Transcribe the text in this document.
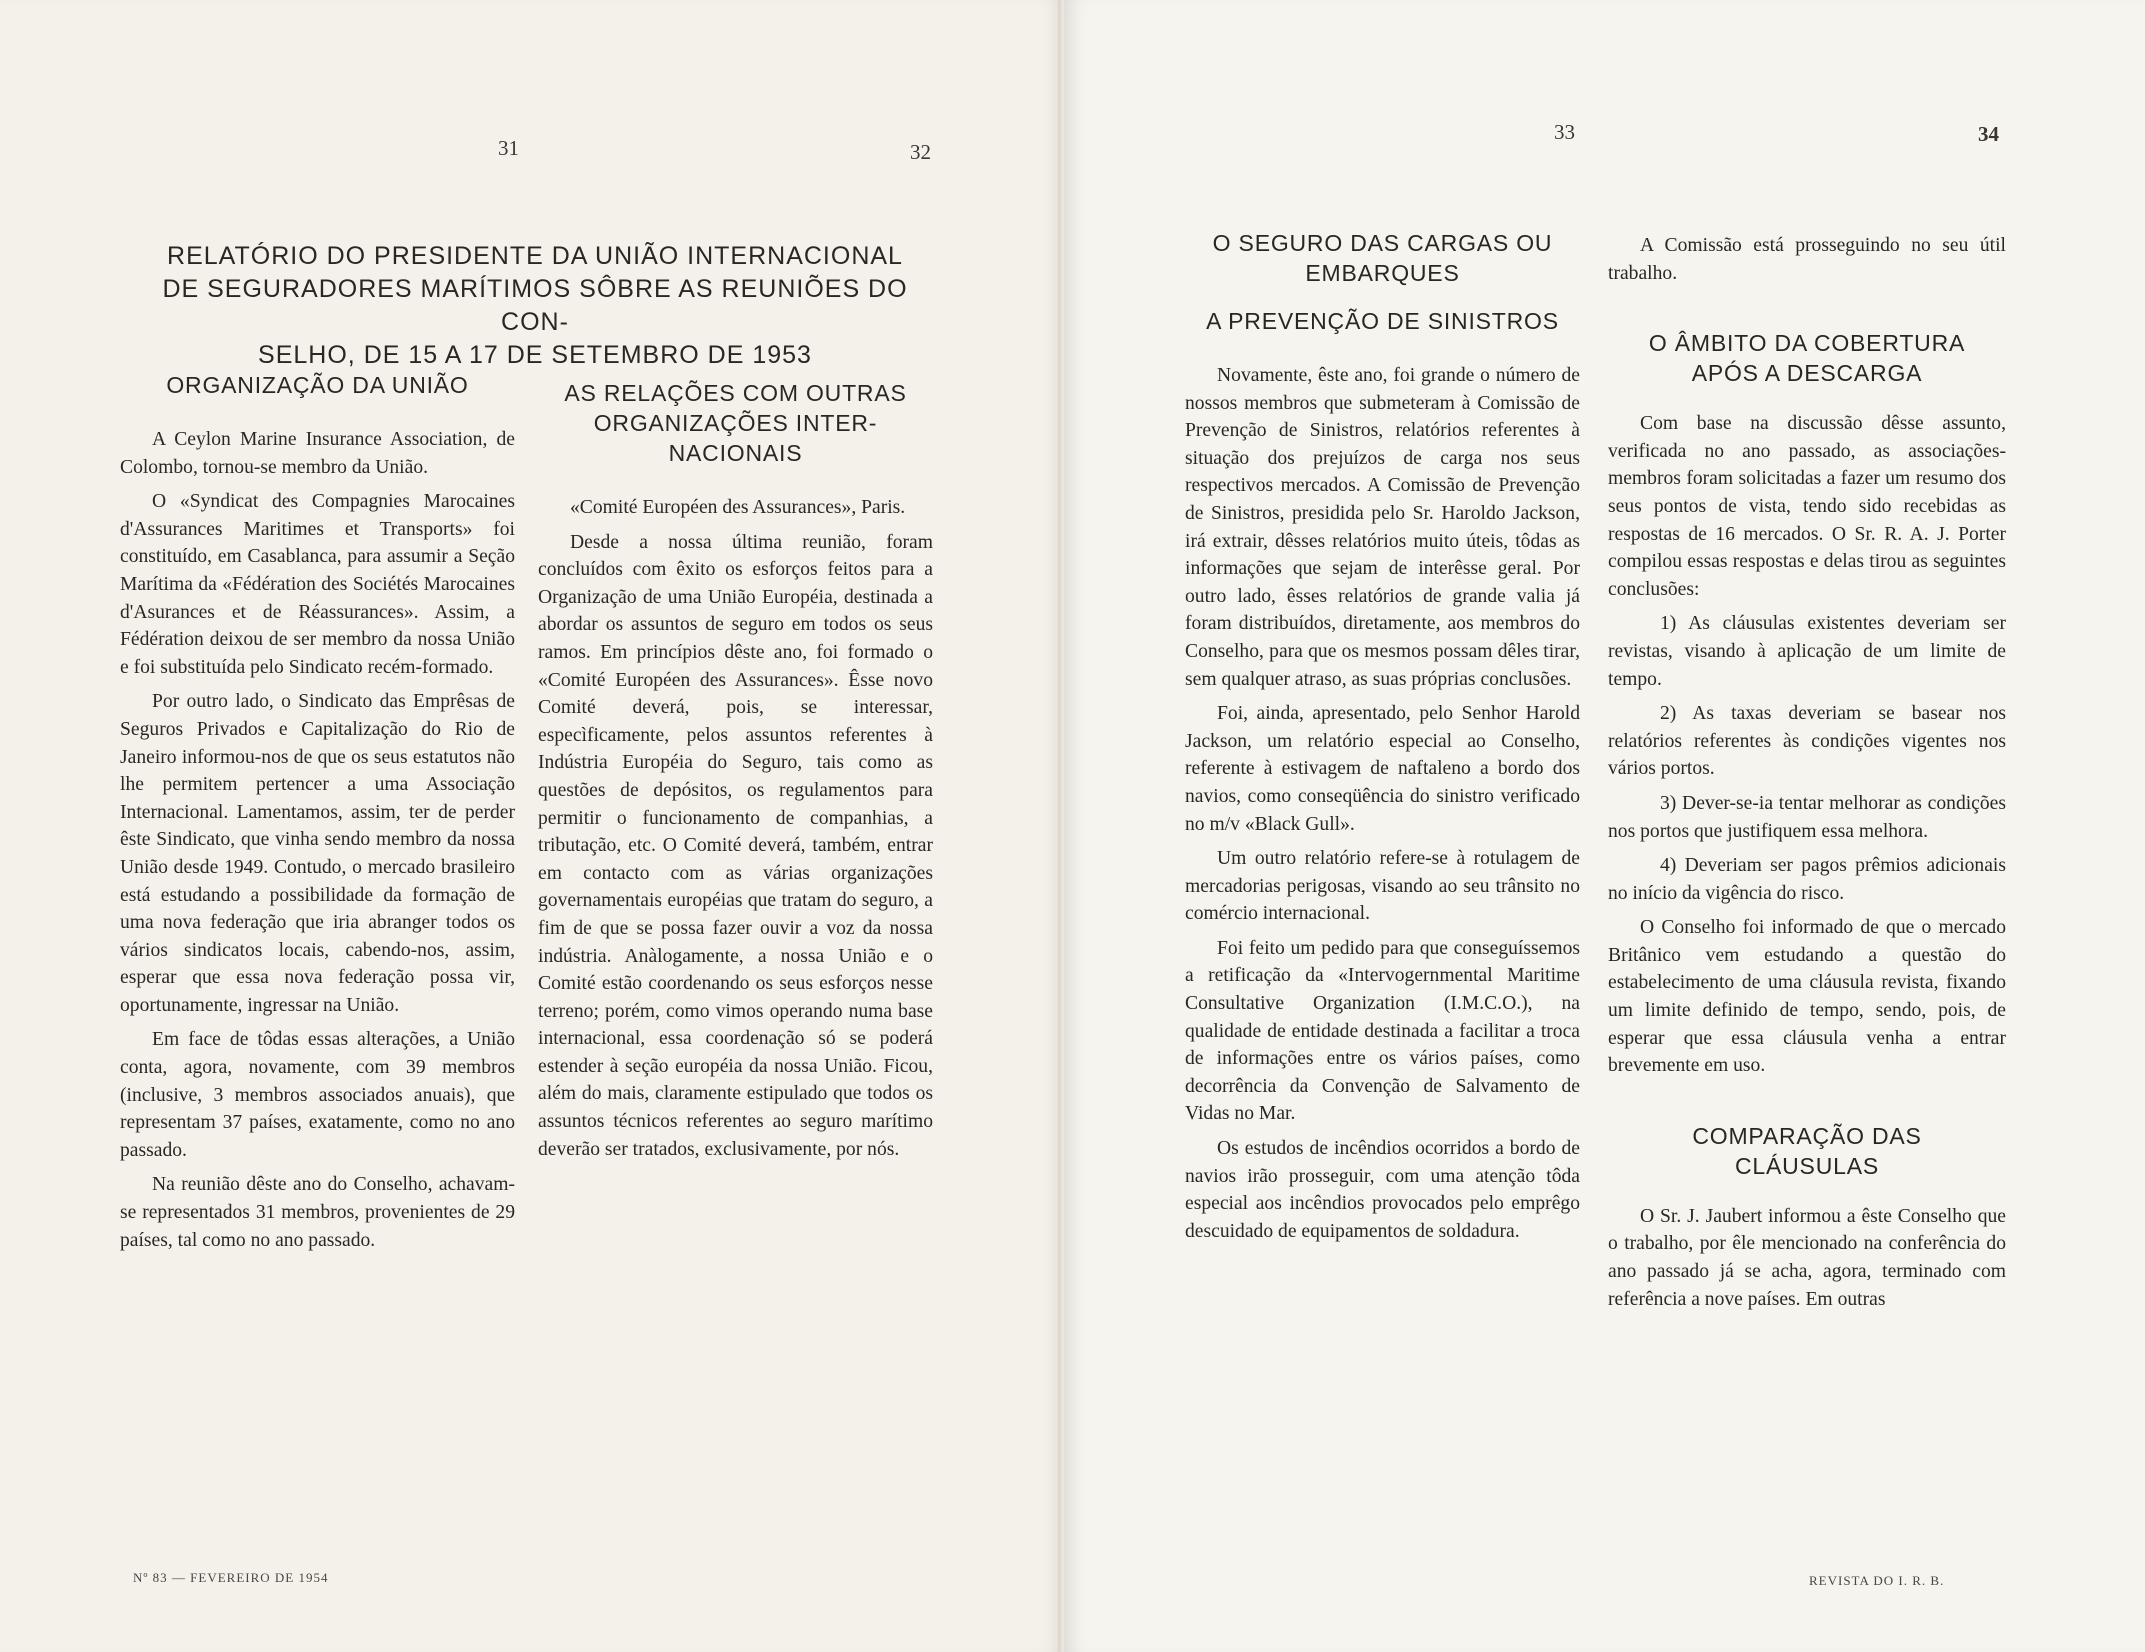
31	32
RELATÓRIO DO PRESIDENTE DA UNIÃO INTERNACIONAL
DE SEGURADORES MARÍTIMOS SÔBRE AS REUNIÕES DO CON-
SELHO, DE 15 A 17 DE SETEMBRO DE 1953
ORGANIZAÇÃO DA UNIÃO

A Ceylon Marine Insurance Association, de Colombo, tornou-se membro da União.

O «Syndicat des Compagnies Marocaines d'Assurances Maritimes et Transports» foi constituído, em Casablanca, para assumir a Seção Marítima da «Fédération des Sociétés Marocaines d'Asurances et de Réassurances». Assim, a Fédération deixou de ser membro da nossa União e foi substituída pelo Sindicato recém-formado.

Por outro lado, o Sindicato das Emprêsas de Seguros Privados e Capitalização do Rio de Janeiro informou-nos de que os seus estatutos não lhe permitem pertencer a uma Associação Internacional. Lamentamos, assim, ter de perder êste Sindicato, que vinha sendo membro da nossa União desde 1949. Contudo, o mercado brasileiro está estudando a possibilidade da formação de uma nova federação que iria abranger todos os vários sindicatos locais, cabendo-nos, assim, esperar que essa nova federação possa vir, oportunamente, ingressar na União.

Em face de tôdas essas alterações, a União conta, agora, novamente, com 39 membros (inclusive, 3 membros associados anuais), que representam 37 países, exatamente, como no ano passado.

Na reunião dêste ano do Conselho, achavam-se representados 31 membros, provenientes de 29 países, tal como no ano passado.

AS RELAÇÕES COM OUTRAS
ORGANIZAÇÕES INTER-
NACIONAIS

«Comité Européen des Assurances», Paris.

Desde a nossa última reunião, foram concluídos com êxito os esforços feitos para a Organização de uma União Européia, destinada a abordar os assuntos de seguro em todos os seus ramos. Em princípios dêste ano, foi formado o «Comité Européen des Assurances». Êsse novo Comité deverá, pois, se interessar, especìficamente, pelos assuntos referentes à Indústria Européia do Seguro, tais como as questões de depósitos, os regulamentos para permitir o funcionamento de companhias, a tributação, etc. O Comité deverá, também, entrar em contacto com as várias organizações governamentais européias que tratam do seguro, a fim de que se possa fazer ouvir a voz da nossa indústria. Anàlogamente, a nossa União e o Comité estão coordenando os seus esforços nesse terreno; porém, como vimos operando numa base internacional, essa coordenação só se poderá estender à seção européia da nossa União. Ficou, além do mais, claramente estipulado que todos os assuntos técnicos referentes ao seguro marítimo deverão ser tratados, exclusivamente, por nós.

Nº 83 — FEVEREIRO DE 1954
33	34
O SEGURO DAS CARGAS OU
EMBARQUES
A PREVENÇÃO DE SINISTROS

Novamente, êste ano, foi grande o número de nossos membros que submeteram à Comissão de Prevenção de Sinistros, relatórios referentes à situação dos prejuízos de carga nos seus respectivos mercados. A Comissão de Prevenção de Sinistros, presidida pelo Sr. Haroldo Jackson, irá extrair, dêsses relatórios muito úteis, tôdas as informações que sejam de interêsse geral. Por outro lado, êsses relatórios de grande valia já foram distribuídos, diretamente, aos membros do Conselho, para que os mesmos possam dêles tirar, sem qualquer atraso, as suas próprias conclusões.

Foi, ainda, apresentado, pelo Senhor Harold Jackson, um relatório especial ao Conselho, referente à estivagem de naftaleno a bordo dos navios, como conseqüência do sinistro verificado no m/v «Black Gull».

Um outro relatório refere-se à rotulagem de mercadorias perigosas, visando ao seu trânsito no comércio internacional.

Foi feito um pedido para que conseguíssemos a retificação da «Intervogernmental Maritime Consultative Organization (I.M.C.O.), na qualidade de entidade destinada a facilitar a troca de informações entre os vários países, como decorrência da Convenção de Salvamento de Vidas no Mar.

Os estudos de incêndios ocorridos a bordo de navios irão prosseguir, com uma atenção tôda especial aos incêndios provocados pelo emprêgo descuidado de equipamentos de soldadura.

A Comissão está prosseguindo no seu útil trabalho.

O ÂMBITO DA COBERTURA
APÓS A DESCARGA

Com base na discussão dêsse assunto, verificada no ano passado, as associações-membros foram solicitadas a fazer um resumo dos seus pontos de vista, tendo sido recebidas as respostas de 16 mercados. O Sr. R. A. J. Porter compilou essas respostas e delas tirou as seguintes conclusões:

1) As cláusulas existentes deveriam ser revistas, visando à aplicação de um limite de tempo.

2) As taxas deveriam se basear nos relatórios referentes às condições vigentes nos vários portos.

3) Dever-se-ia tentar melhorar as condições nos portos que justifiquem essa melhora.

4) Deveriam ser pagos prêmios adicionais no início da vigência do risco.

O Conselho foi informado de que o mercado Britânico vem estudando a questão do estabelecimento de uma cláusula revista, fixando um limite definido de tempo, sendo, pois, de esperar que essa cláusula venha a entrar brevemente em uso.

COMPARAÇÃO DAS
CLÁUSULAS

O Sr. J. Jaubert informou a êste Conselho que o trabalho, por êle mencionado na conferência do ano passado já se acha, agora, terminado com referência a nove países. Em outras

REVISTA DO I. R. B.
